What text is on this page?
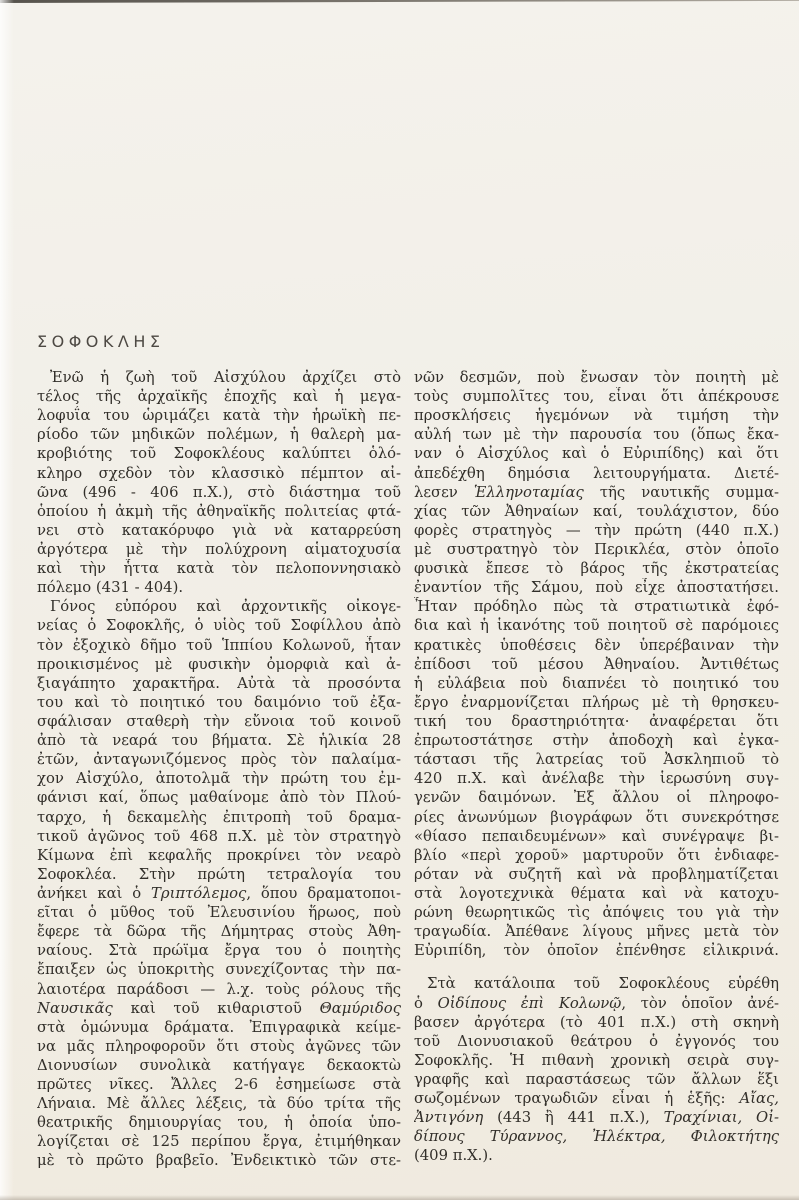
ΣΟΦΟΚΛΗΣ
Ἐνῶ ἡ ζωὴ τοῦ Αἰσχύλου ἀρχίζει στὸ
τέλος τῆς ἀρχαϊκῆς ἐποχῆς καὶ ἡ μεγα-
λοφυΐα του ὡριμάζει κατὰ τὴν ἡρωϊκὴ πε-
ρίοδο τῶν μηδικῶν πολέμων, ἡ θαλερὴ μα-
κροβιότης τοῦ Σοφοκλέους καλύπτει ὁλό-
κληρο σχεδὸν τὸν κλασσικὸ πέμπτον αἰ-
ῶνα (496 - 406 π.Χ.), στὸ διάστημα τοῦ
ὁποίου ἡ ἀκμὴ τῆς ἀθηναϊκῆς πολιτείας φτά-
νει στὸ κατακόρυφο γιὰ νὰ καταρρεύση
ἀργότερα μὲ τὴν πολύχρονη αἱματοχυσία
καὶ τὴν ἧττα κατὰ τὸν πελοποννησιακὸ
πόλεμο (431 - 404).
Γόνος εὐπόρου καὶ ἀρχοντικῆς οἰκογε-
νείας ὁ Σοφοκλῆς, ὁ υἱὸς τοῦ Σοφίλλου ἀπὸ
τὸν ἐξοχικὸ δῆμο τοῦ Ἱππίου Κολωνοῦ, ἦταν
προικισμένος μὲ φυσικὴν ὀμορφιὰ καὶ ἀ-
ξιαγάπητο χαρακτῆρα. Αὐτὰ τὰ προσόντα
του καὶ τὸ ποιητικό του δαιμόνιο τοῦ ἐξα-
σφάλισαν σταθερὴ τὴν εὔνοια τοῦ κοινοῦ
ἀπὸ τὰ νεαρά του βήματα. Σὲ ἡλικία 28
ἐτῶν, ἀνταγωνιζόμενος πρὸς τὸν παλαίμα-
χον Αἰσχύλο, ἀποτολμᾶ τὴν πρώτη του ἐμ-
φάνισι καί, ὅπως μαθαίνομε ἀπὸ τὸν Πλού-
ταρχο, ἡ δεκαμελὴς ἐπιτροπὴ τοῦ δραμα-
τικοῦ ἀγῶνος τοῦ 468 π.Χ. μὲ τὸν στρατηγὸ
Κίμωνα ἐπὶ κεφαλῆς προκρίνει τὸν νεαρὸ
Σοφοκλέα. Στὴν πρώτη τετραλογία του
ἀνήκει καὶ ὁ Τριπτόλεμος, ὅπου δραματοποι-
εῖται ὁ μῦθος τοῦ Ἐλευσινίου ἥρωος, ποὺ
ἔφερε τὰ δῶρα τῆς Δήμητρας στοὺς Ἀθη-
ναίους. Στὰ πρώϊμα ἔργα του ὁ ποιητὴς
ἔπαιξεν ὡς ὑποκριτὴς συνεχίζοντας τὴν πα-
λαιοτέρα παράδοσι — λ.χ. τοὺς ρόλους τῆς
Ναυσικᾶς καὶ τοῦ κιθαριστοῦ Θαμύριδος
στὰ ὁμώνυμα δράματα. Ἐπιγραφικὰ κείμε-
να μᾶς πληροφοροῦν ὅτι στοὺς ἀγῶνες τῶν
Διονυσίων συνολικὰ κατήγαγε δεκαοκτὼ
πρῶτες νῖκες. Ἄλλες 2-6 ἐσημείωσε στὰ
Λήναια. Μὲ ἄλλες λέξεις, τὰ δύο τρίτα τῆς
θεατρικῆς δημιουργίας του, ἡ ὁποία ὑπο-
λογίζεται σὲ 125 περίπου ἔργα, ἐτιμήθηκαν
μὲ τὸ πρῶτο βραβεῖο. Ἐνδεικτικὸ τῶν στε-
νῶν δεσμῶν, ποὺ ἔνωσαν τὸν ποιητὴ μὲ
τοὺς συμπολῖτες του, εἶναι ὅτι ἀπέκρουσε
προσκλήσεις ἡγεμόνων νὰ τιμήση τὴν
αὐλή των μὲ τὴν παρουσία του (ὅπως ἔκα-
ναν ὁ Αἰσχύλος καὶ ὁ Εὐριπίδης) καὶ ὅτι
ἀπεδέχθη δημόσια λειτουργήματα. Διετέ-
λεσεν Ἑλληνοταμίας τῆς ναυτικῆς συμμα-
χίας τῶν Ἀθηναίων καί, τουλάχιστον, δύο
φορὲς στρατηγὸς — τὴν πρώτη (440 π.Χ.)
μὲ συστρατηγὸ τὸν Περικλέα, στὸν ὁποῖο
φυσικὰ ἔπεσε τὸ βάρος τῆς ἐκστρατείας
ἐναντίον τῆς Σάμου, ποὺ εἶχε ἀποστατήσει.
Ἦταν πρόδηλο πὼς τὰ στρατιωτικὰ ἐφό-
δια καὶ ἡ ἱκανότης τοῦ ποιητοῦ σὲ παρόμοιες
κρατικὲς ὑποθέσεις δὲν ὑπερέβαιναν τὴν
ἐπίδοσι τοῦ μέσου Ἀθηναίου. Ἀντιθέτως
ἡ εὐλάβεια ποὺ διαπνέει τὸ ποιητικό του
ἔργο ἐναρμονίζεται πλήρως μὲ τὴ θρησκευ-
τική του δραστηριότητα· ἀναφέρεται ὅτι
ἐπρωτοστάτησε στὴν ἀποδοχὴ καὶ ἐγκα-
τάστασι τῆς λατρείας τοῦ Ἀσκληπιοῦ τὸ
420 π.Χ. καὶ ἀνέλαβε τὴν ἱερωσύνη συγ-
γενῶν δαιμόνων. Ἐξ ἄλλου οἱ πληροφο-
ρίες ἀνωνύμων βιογράφων ὅτι συνεκρότησε
«θίασο πεπαιδευμένων» καὶ συνέγραψε βι-
βλίο «περὶ χοροῦ» μαρτυροῦν ὅτι ἐνδιαφε-
ρόταν νὰ συζητῆ καὶ νὰ προβληματίζεται
στὰ λογοτεχνικὰ θέματα καὶ νὰ κατοχυ-
ρώνη θεωρητικῶς τὶς ἀπόψεις του γιὰ τὴν
τραγωδία. Ἀπέθανε λίγους μῆνες μετὰ τὸν
Εὐριπίδη, τὸν ὁποῖον ἐπένθησε εἰλικρινά.
Στὰ κατάλοιπα τοῦ Σοφοκλέους εὑρέθη
ὁ Οἰδίπους ἐπὶ Κολωνῷ, τὸν ὁποῖον ἀνέ-
βασεν ἀργότερα (τὸ 401 π.Χ.) στὴ σκηνὴ
τοῦ Διονυσιακοῦ θεάτρου ὁ ἐγγονός του
Σοφοκλῆς. Ἡ πιθανὴ χρονικὴ σειρὰ συγ-
γραφῆς καὶ παραστάσεως τῶν ἄλλων ἕξι
σωζομένων τραγωδιῶν εἶναι ἡ ἑξῆς: Αἴας,
Ἀντιγόνη (443 ἢ 441 π.Χ.), Τραχίνιαι, Οἰ-
δίπους Τύραννος, Ἠλέκτρα, Φιλοκτήτης
(409 π.Χ.).
